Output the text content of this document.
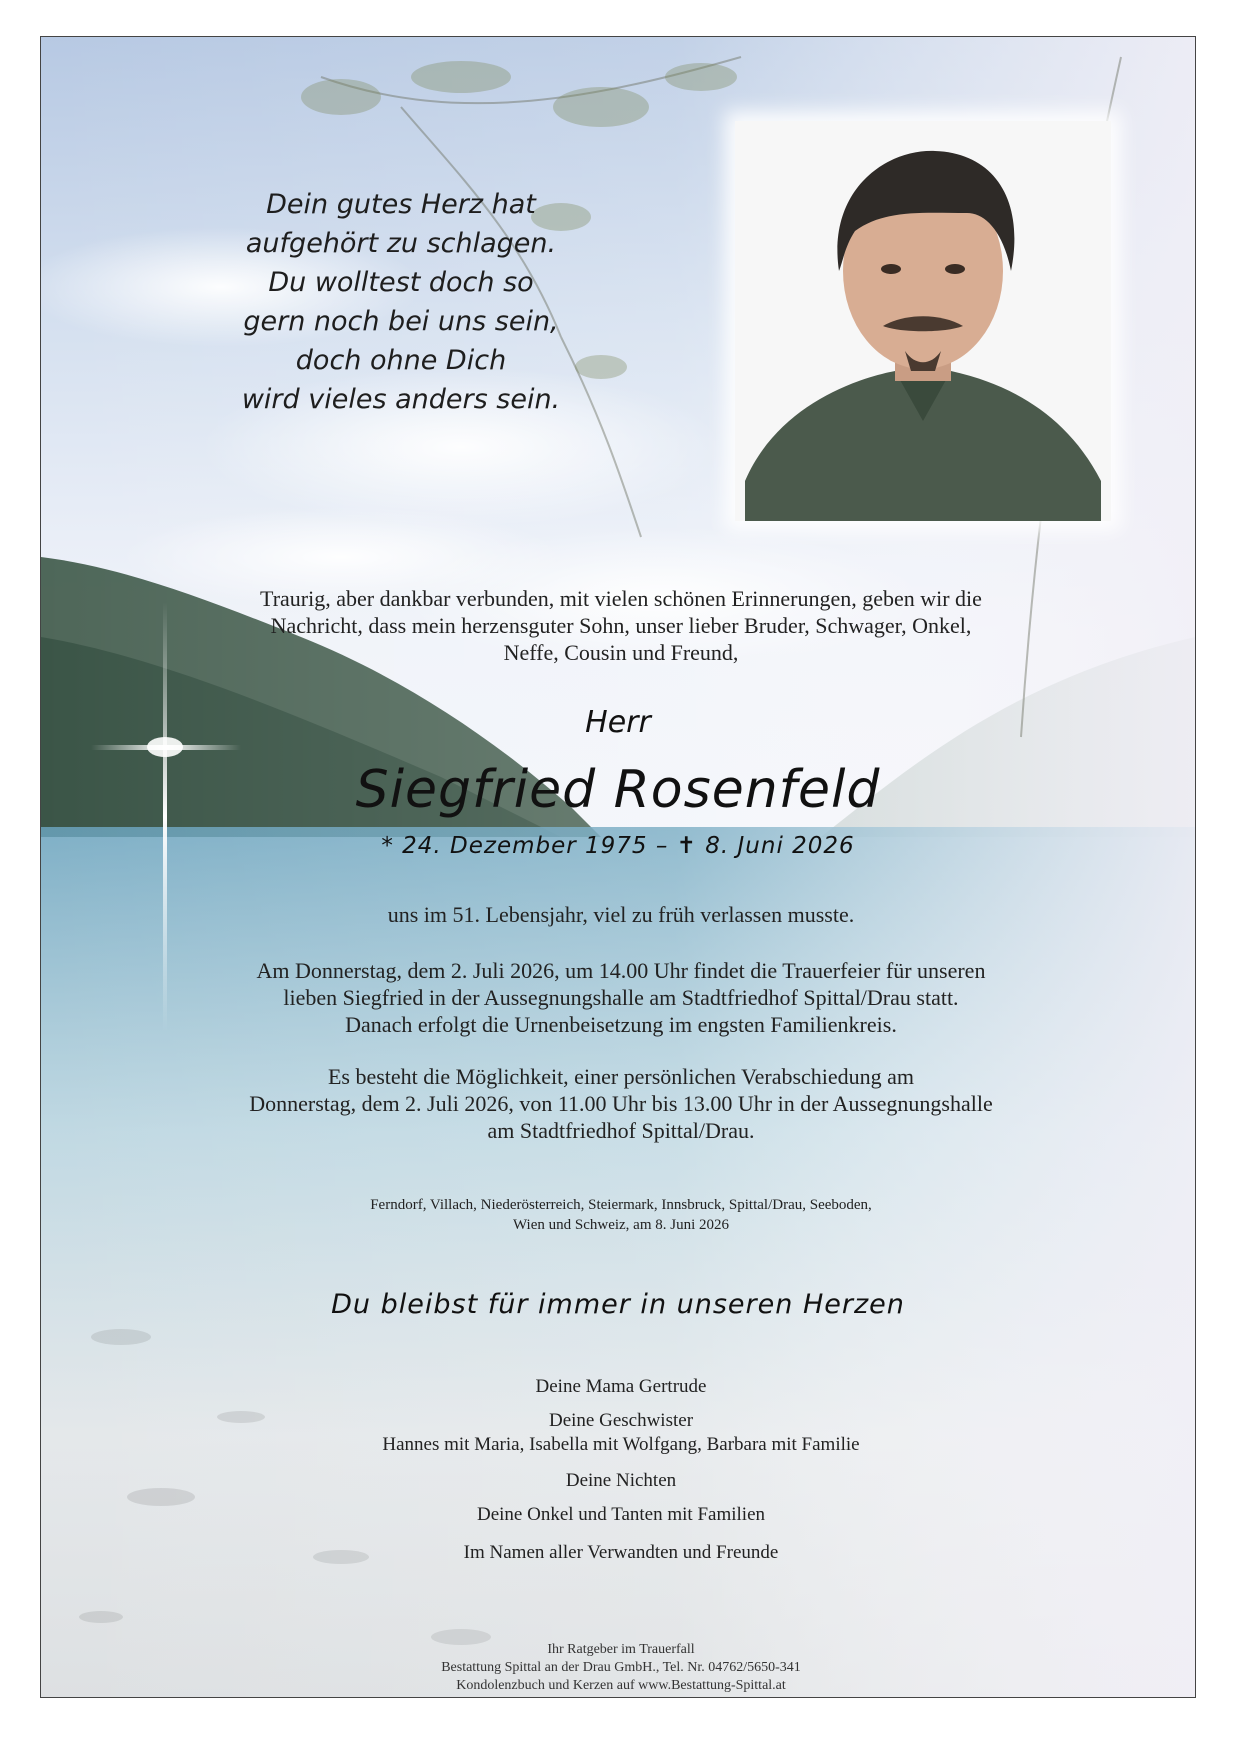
Dein gutes Herz hat
aufgehört zu schlagen.
Du wolltest doch so
gern noch bei uns sein,
doch ohne Dich
wird vieles anders sein.
Traurig, aber dankbar verbunden, mit vielen schönen Erinnerungen, geben wir die
Nachricht, dass mein herzensguter Sohn, unser lieber Bruder, Schwager, Onkel,
Neffe, Cousin und Freund,
Herr
Siegfried Rosenfeld
* 24. Dezember 1975 – ✝ 8. Juni 2026
uns im 51. Lebensjahr, viel zu früh verlassen musste.
Am Donnerstag, dem 2. Juli 2026, um 14.00 Uhr findet die Trauerfeier für unseren
lieben Siegfried in der Aussegnungshalle am Stadtfriedhof Spittal/Drau statt.
Danach erfolgt die Urnenbeisetzung im engsten Familienkreis.
Es besteht die Möglichkeit, einer persönlichen Verabschiedung am
Donnerstag, dem 2. Juli 2026, von 11.00 Uhr bis 13.00 Uhr in der Aussegnungshalle
am Stadtfriedhof Spittal/Drau.
Ferndorf, Villach, Niederösterreich, Steiermark, Innsbruck, Spittal/Drau, Seeboden,
Wien und Schweiz, am 8. Juni 2026
Du bleibst für immer in unseren Herzen
Deine Mama Gertrude
Deine Geschwister
Hannes mit Maria, Isabella mit Wolfgang, Barbara mit Familie
Deine Nichten
Deine Onkel und Tanten mit Familien
Im Namen aller Verwandten und Freunde
Ihr Ratgeber im Trauerfall
Bestattung Spittal an der Drau GmbH., Tel. Nr. 04762/5650-341
Kondolenzbuch und Kerzen auf www.Bestattung-Spittal.at
